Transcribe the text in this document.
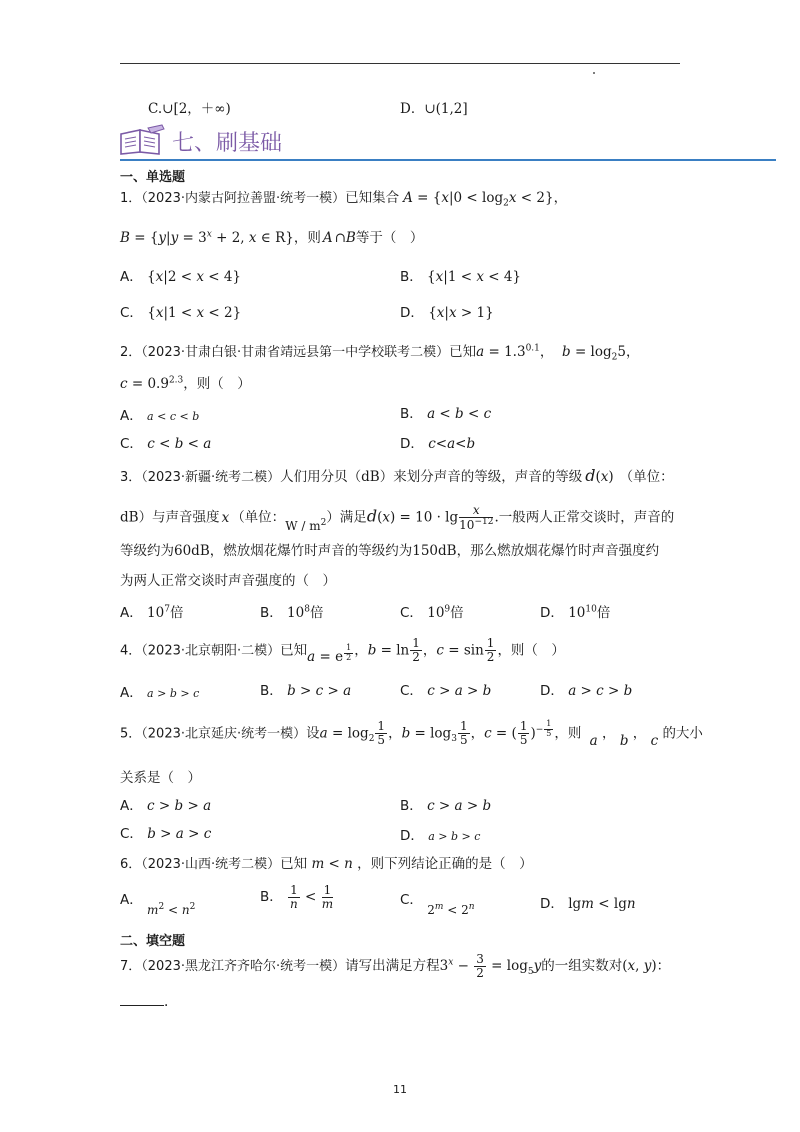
C.∪[2，＋∞)	D．∪(1,2]
七、刷基础
一、单选题
1．（2023·内蒙古阿拉善盟·统考一模）已知集合 $A = \{x|0 < \log_2x < 2\}$，
$B = \{y|y = 3^x + 2$, x ∈ R}，则 A ∩B等于（　）
A． {x|2 < x < 4}	B． {x|1 < x < 4}
C． {x|1 < x < 2}	D． {x|x > 1}
2．（2023·甘肃白银·甘肃省靖远县第一中学校联考二模）已知$a = 1.3^{0.1}$， $b = \log_25$，
$c = 0.9^{2.3}$，则（　）
A． a < c < b	B． a < b < c
C． c < b < a	D． c<a<b
3．（2023·新疆·统考二模）人们用分贝（dB）来划分声音的等级，声音的等级 d(x) （单位：
dB）与声音强度 x （单位：W / $m^2$）满足$d(x) = 10 \cdot \lg \frac{x}{10^{-12}}$ .一般两人正常交谈时，声音的
等级约为60dB，燃放烟花爆竹时声音的等级约为150dB，那么燃放烟花爆竹时声音强度约
为两人正常交谈时声音强度的（　）
A． $10^7$倍	B． $10^8$倍	C． $10^9$倍	D． $10^{10}$倍
4．（2023·北京朝阳·二模）已知a = e $^{\frac{1}{2}}$ ，$b = \ln \frac{1}{2}$ ，$c = \sin \frac{1}{2}$ ，则（　）
A． a > b > c	B． b > c > a	C． c > a > b	D． a > c > b
5．（2023·北京延庆·统考一模）设$a = \log_2 \frac{1}{5}$ ，$b = \log_3 \frac{1}{5}$ ，c = ( $\frac{1}{5} )^{- \frac{1}{5}}$ ，则 a ， b ， c 的大小
关系是（　）
A． c > b > a	B． c > a > b
C． b > a > c	D． a > b > c
6．（2023·山西·统考二模）已知 m < n ，则下列结论正确的是（　）
A． $m^2 < n^2$
B． $\frac{1}{n} < \frac{1}{m}$	C． $2^m < 2^n$	D． lgm < lgn
二、填空题
7．（2023·黑龙江齐齐哈尔·统考一模）请写出满足方程$3^x - \frac{3}{2} = \log_5y$的一组实数对(x, y)：
.
11
